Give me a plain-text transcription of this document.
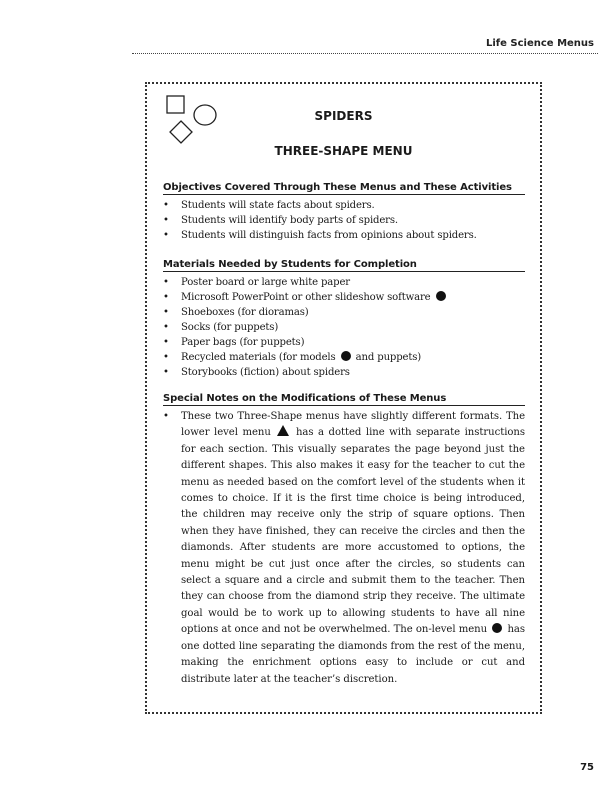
Life Science Menus
SPIDERS
THREE-SHAPE MENU
Objectives Covered Through These Menus and These Activities
• Students will state facts about spiders.
• Students will identify body parts of spiders.
• Students will distinguish facts from opinions about spiders.
Materials Needed by Students for Completion
• Poster board or large white paper
• Microsoft PowerPoint or other slideshow software
• Shoeboxes (for dioramas)
• Socks (for puppets)
• Paper bags (for puppets)
• Recycled materials (for models and puppets)
• Storybooks (fiction) about spiders
Special Notes on the Modifications of These Menus
• These two Three-Shape menus have slightly different formats. The lower level menu has a dotted line with separate instructions for each section. This visually separates the page beyond just the different shapes. This also makes it easy for the teacher to cut the menu as needed based on the comfort level of the students when it comes to choice. If it is the first time choice is being introduced, the children may receive only the strip of square options. Then when they have finished, they can receive the circles and then the diamonds. After students are more accustomed to options, the menu might be cut just once after the circles, so students can select a square and a circle and submit them to the teacher. Then they can choose from the diamond strip they receive. The ultimate goal would be to work up to allowing students to have all nine options at once and not be overwhelmed. The on-level menu has one dotted line separating the diamonds from the rest of the menu, making the enrichment options easy to include or cut and distribute later at the teacher’s discretion.
75
